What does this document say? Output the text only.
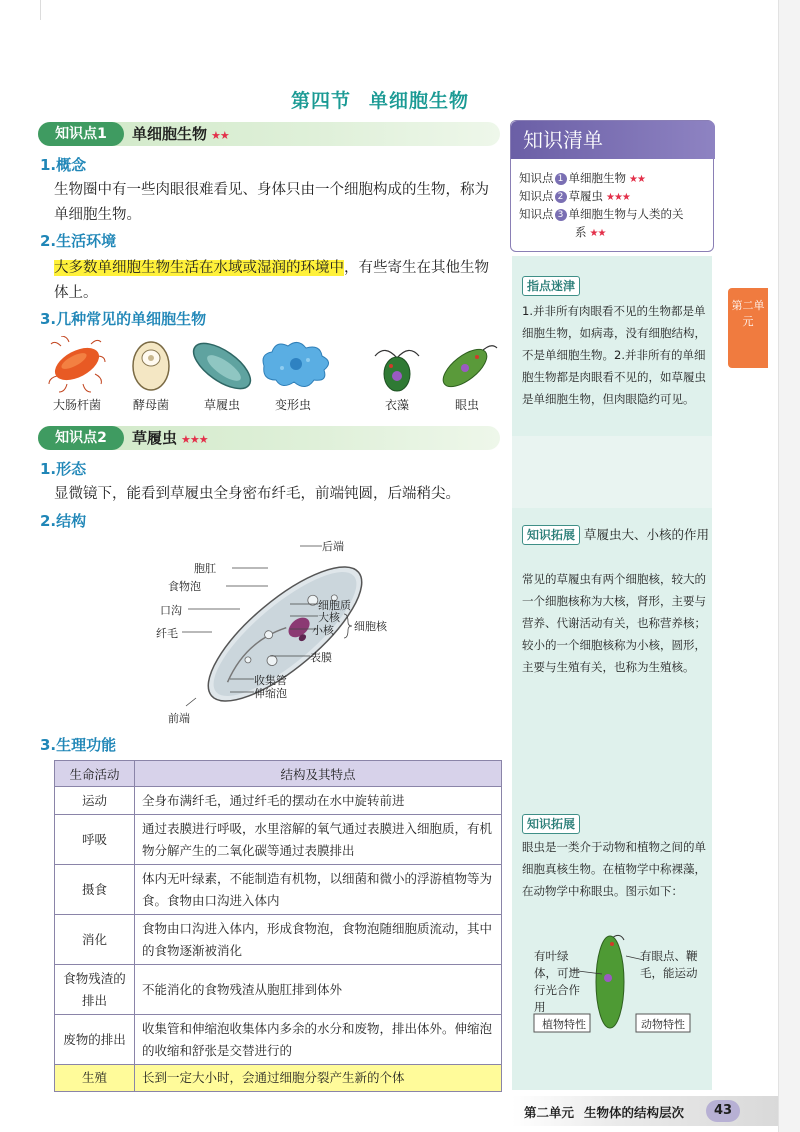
第四节 单细胞生物
知识点1	单细胞生物 ★★
1.概念
生物圈中有一些肉眼很难看见、身体只由一个细胞构成的生物，称为单细胞生物。
2.生活环境
大多数单细胞生物生活在水域或湿润的环境中，有些寄生在其他生物体上。
3.几种常见的单细胞生物
大肠杆菌	酵母菌	草履虫	变形虫	衣藻	眼虫
知识点2	草履虫 ★★★
1.形态
显微镜下，能看到草履虫全身密布纤毛，前端钝圆，后端稍尖。
2.结构
胞肛
后端
食物泡
口沟
纤毛
细胞质
大核
小核 细胞核
表膜
收集管
伸缩泡
前端
3.生理功能
生命活动	结构及其特点
运动	全身布满纤毛，通过纤毛的摆动在水中旋转前进
呼吸	通过表膜进行呼吸，水里溶解的氧气通过表膜进入细胞质，有机物分解产生的二氧化碳等通过表膜排出
摄食	体内无叶绿素，不能制造有机物，以细菌和微小的浮游植物等为食。食物由口沟进入体内
消化	食物由口沟进入体内，形成食物泡，食物泡随细胞质流动，其中的食物逐渐被消化
食物残渣的排出	不能消化的食物残渣从胞肛排到体外
废物的排出	收集管和伸缩泡收集体内多余的水分和废物，排出体外。伸缩泡的收缩和舒张是交替进行的
生殖	长到一定大小时，会通过细胞分裂产生新的个体
知识清单
知识点 1 单细胞生物 ★★
知识点 2 草履虫 ★★★
知识点 3 单细胞生物与人类的关
系 ★★
指点迷津
1.并非所有肉眼看不见的生物都是单细胞生物，如病毒，没有细胞结构，不是单细胞生物。2.并非所有的单细胞生物都是肉眼看不见的，如草履虫是单细胞生物，但肉眼隐约可见。
知识拓展 草履虫大、小核的作用
常见的草履虫有两个细胞核，较大的一个细胞核称为大核，肾形，主要与营养、代谢活动有关，也称营养核；较小的一个细胞核称为小核，圆形，主要与生殖有关，也称为生殖核。
知识拓展
眼虫是一类介于动物和植物之间的单细胞真核生物。在植物学中称裸藻，在动物学中称眼虫。图示如下：
有叶绿体，可进行光合作用
有眼点、鞭毛，能运动
植物特性	动物特性
第二单元
第二单元 生物体的结构层次	43
